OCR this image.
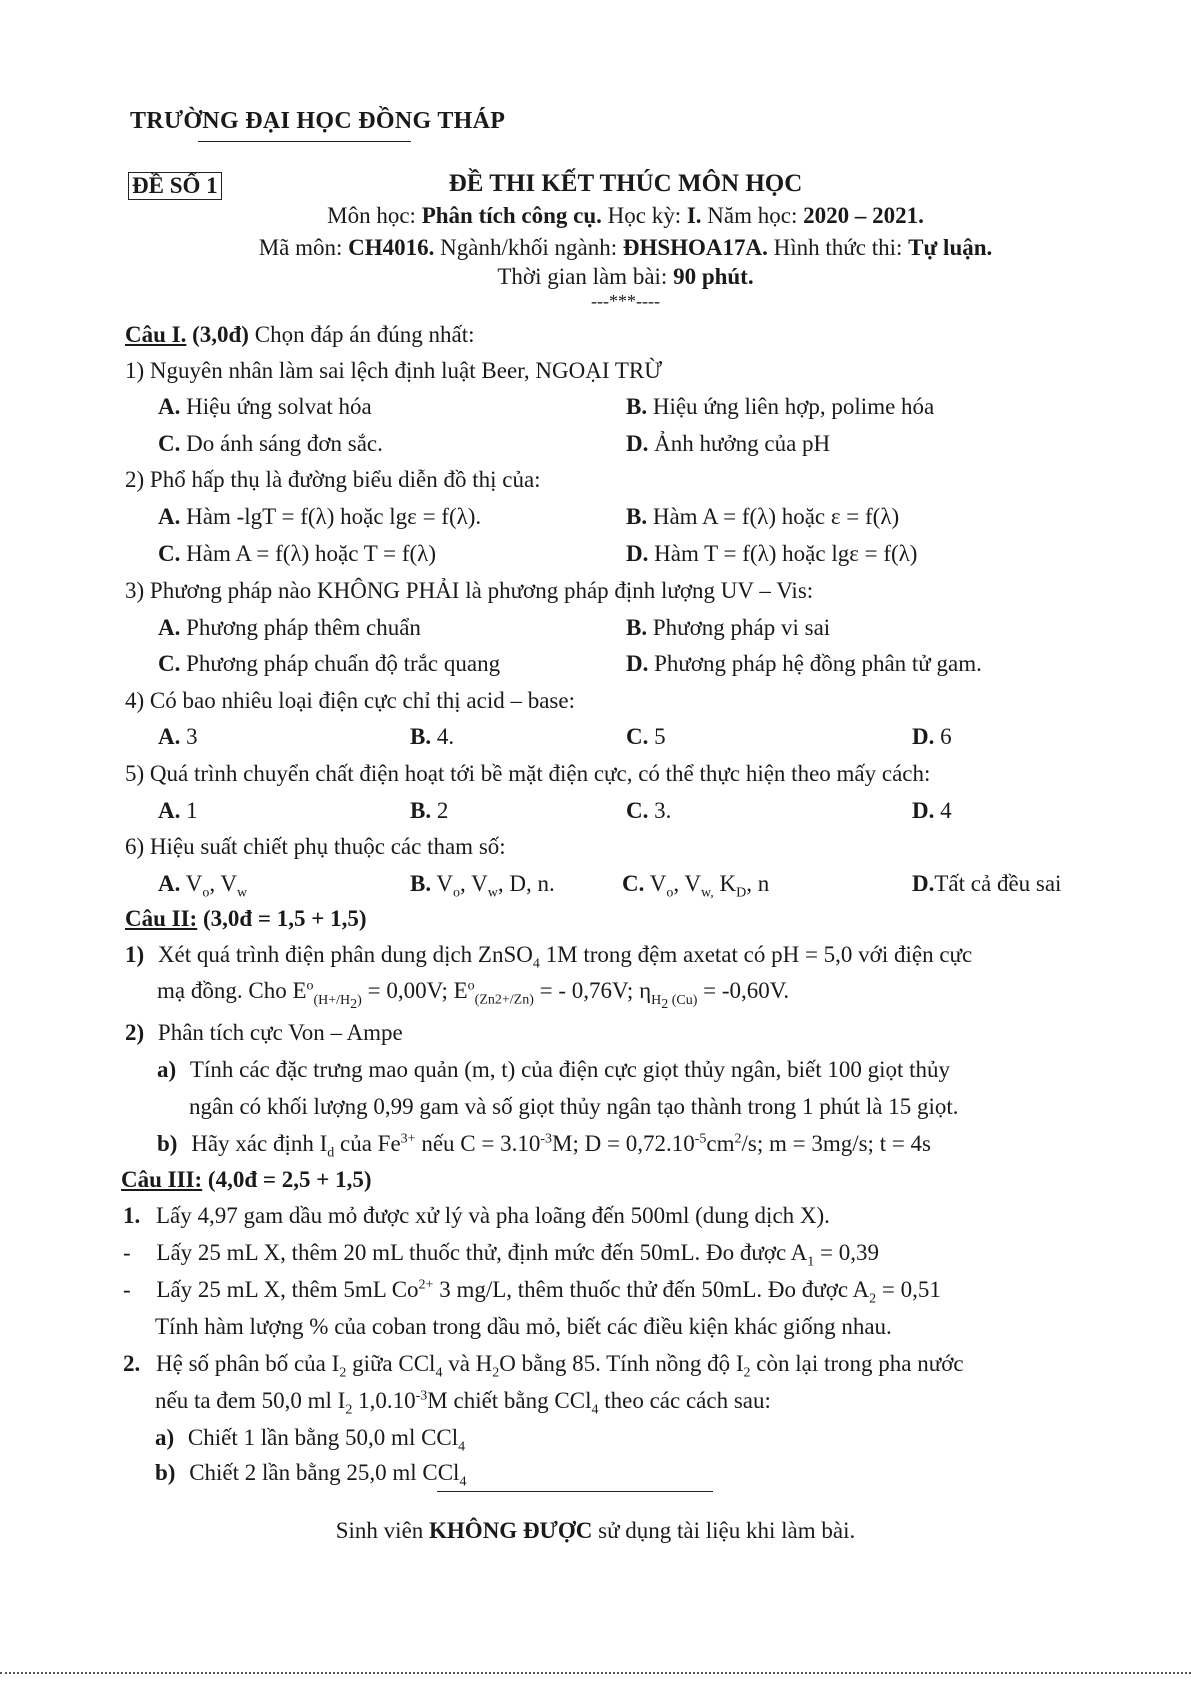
TRƯỜNG ĐẠI HỌC ĐỒNG THÁP
ĐỀ SỐ 1	ĐỀ THI KẾT THÚC MÔN HỌC
Môn học: Phân tích công cụ. Học kỳ: I. Năm học: 2020 – 2021.
Mã môn: CH4016. Ngành/khối ngành: ĐHSHOA17A. Hình thức thi: Tự luận.
Thời gian làm bài: 90 phút.
---***----
Câu I. (3,0đ) Chọn đáp án đúng nhất:
1) Nguyên nhân làm sai lệch định luật Beer, NGOẠI TRỪ
A. Hiệu ứng solvat hóa	B. Hiệu ứng liên hợp, polime hóa
C. Do ánh sáng đơn sắc.	D. Ảnh hưởng của pH
2) Phổ hấp thụ là đường biểu diễn đồ thị của:
A. Hàm -lgT = f(λ) hoặc lgε = f(λ).	B. Hàm A = f(λ) hoặc ε = f(λ)
C. Hàm A = f(λ) hoặc T = f(λ)	D. Hàm T = f(λ) hoặc lgε = f(λ)
3) Phương pháp nào KHÔNG PHẢI là phương pháp định lượng UV – Vis:
A. Phương pháp thêm chuẩn	B. Phương pháp vi sai
C. Phương pháp chuẩn độ trắc quang	D. Phương pháp hệ đồng phân tử gam.
4) Có bao nhiêu loại điện cực chỉ thị acid – base:
A. 3	B. 4.	C. 5	D. 6
5) Quá trình chuyển chất điện hoạt tới bề mặt điện cực, có thể thực hiện theo mấy cách:
A. 1	B. 2	C. 3.	D. 4
6) Hiệu suất chiết phụ thuộc các tham số:
A. $V_o$, $V_w$	B. $V_o$, $V_w$, D, n.	C. $V_o$, $V_{w,}$ $K_D$, n	D.Tất cả đều sai
Câu II: (3,0đ = 1,5 + 1,5)
1) Xét quá trình điện phân dung dịch ZnSO$_4$ 1M trong đệm axetat có pH = 5,0 với điện cực
mạ đồng. Cho $E^o_{(H+/H_2)} = 0,00V$; $E^o_{(Zn2+/Zn)}$ = - 0,76V; $\eta_{H_2 (Cu)} = -0,60V$.
2) Phân tích cực Von – Ampe
a) Tính các đặc trưng mao quản (m, t) của điện cực giọt thủy ngân, biết 100 giọt thủy
ngân có khối lượng 0,99 gam và số giọt thủy ngân tạo thành trong 1 phút là 15 giọt.
b) Hãy xác định $I_d$ của $Fe^{3+}$ nếu $C = 3.10^{-3}M$; $D = 0,72.10^{-5}cm^2/s$; m = 3mg/s; t = 4s
Câu III: (4,0đ = 2,5 + 1,5)
1. Lấy 4,97 gam dầu mỏ được xử lý và pha loãng đến 500ml (dung dịch X).
- Lấy 25 mL X, thêm 20 mL thuốc thử, định mức đến 50mL. Đo được $A_1 = 0,39$
- Lấy 25 mL X, thêm 5mL $Co^{2+}$ 3 mg/L, thêm thuốc thử đến 50mL. Đo được $A_2 = 0,51$
Tính hàm lượng % của coban trong dầu mỏ, biết các điều kiện khác giống nhau.
2. Hệ số phân bố của $I_2$ giữa CCl$_4$ và $H_2O$ bằng 85. Tính nồng độ $I_2$ còn lại trong pha nước
nếu ta đem 50,0 ml $I_2$ $1,0.10^{-3}M$ chiết bằng CCl$_4$ theo các cách sau:
a) Chiết 1 lần bằng 50,0 ml CCl$_4$
b) Chiết 2 lần bằng 25,0 ml CCl$_4$
Sinh viên KHÔNG ĐƯỢC sử dụng tài liệu khi làm bài.
